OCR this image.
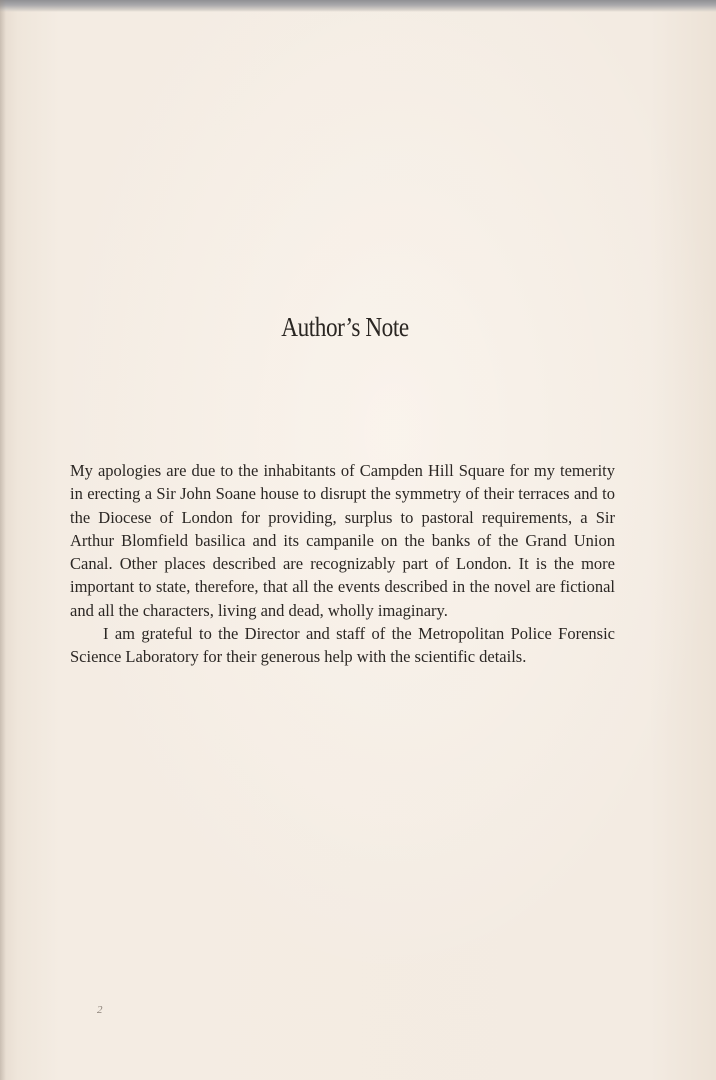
Author’s Note

My apologies are due to the inhabitants of Campden Hill Square for my temerity in erecting a Sir John Soane house to disrupt the symmetry of their terraces and to the Diocese of London for providing, surplus to pastoral requirements, a Sir Arthur Blomfield basilica and its campanile on the banks of the Grand Union Canal. Other places described are recognizably part of London. It is the more important to state, therefore, that all the events described in the novel are fictional and all the characters, living and dead, wholly imaginary.

I am grateful to the Director and staff of the Metropolitan Police Forensic Science Laboratory for their generous help with the scientific details.

2
